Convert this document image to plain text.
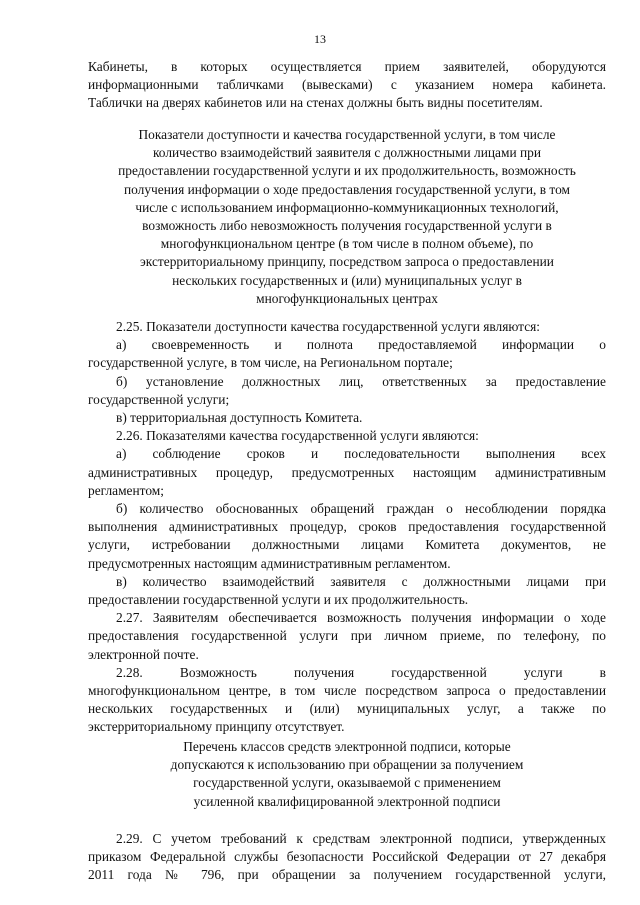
13
Кабинеты, в которых осуществляется прием заявителей, оборудуются
информационными табличками (вывесками) с указанием номера кабинета.
Таблички на дверях кабинетов или на стенах должны быть видны посетителям.
Показатели доступности и качества государственной услуги, в том числе
количество взаимодействий заявителя с должностными лицами при
предоставлении государственной услуги и их продолжительность, возможность
получения информации о ходе предоставления государственной услуги, в том
числе с использованием информационно-коммуникационных технологий,
возможность либо невозможность получения государственной услуги в
многофункциональном центре (в том числе в полном объеме), по
экстерриториальному принципу, посредством запроса о предоставлении
нескольких государственных и (или) муниципальных услуг в
многофункциональных центрах
2.25. Показатели доступности качества государственной услуги являются:
а) своевременность и полнота предоставляемой информации о
государственной услуге, в том числе, на Региональном портале;
б) установление должностных лиц, ответственных за предоставление
государственной услуги;
в) территориальная доступность Комитета.
2.26. Показателями качества государственной услуги являются:
а) соблюдение сроков и последовательности выполнения всех
административных процедур, предусмотренных настоящим административным
регламентом;
б) количество обоснованных обращений граждан о несоблюдении порядка
выполнения административных процедур, сроков предоставления государственной
услуги, истребовании должностными лицами Комитета документов, не
предусмотренных настоящим административным регламентом.
в) количество взаимодействий заявителя с должностными лицами при
предоставлении государственной услуги и их продолжительность.
2.27. Заявителям обеспечивается возможность получения информации о ходе
предоставления государственной услуги при личном приеме, по телефону, по
электронной почте.
2.28. Возможность получения государственной услуги в
многофункциональном центре, в том числе посредством запроса о предоставлении
нескольких государственных и (или) муниципальных услуг, а также по
экстерриториальному принципу отсутствует.
Перечень классов средств электронной подписи, которые
допускаются к использованию при обращении за получением
государственной услуги, оказываемой с применением
усиленной квалифицированной электронной подписи
2.29. С учетом требований к средствам электронной подписи, утвержденных
приказом Федеральной службы безопасности Российской Федерации от 27 декабря
2011 года № 796, при обращении за получением государственной услуги,
